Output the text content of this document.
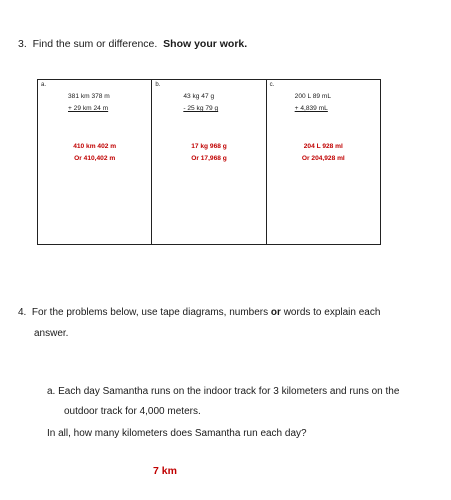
3. Find the sum or difference. Show your work.
a.
381 km 378 m
+ 29 km 24 m
410 km 402 m
Or 410,402 m
b.
43 kg 47 g
- 25 kg 79 g
17 kg 968 g
Or 17,968 g
c.
200 L 89 mL
+ 4,839 mL
204 L 928 ml
Or 204,928 ml
4. For the problems below, use tape diagrams, numbers or words to explain each
answer.
a. Each day Samantha runs on the indoor track for 3 kilometers and runs on the
outdoor track for 4,000 meters.
In all, how many kilometers does Samantha run each day?
7 km
